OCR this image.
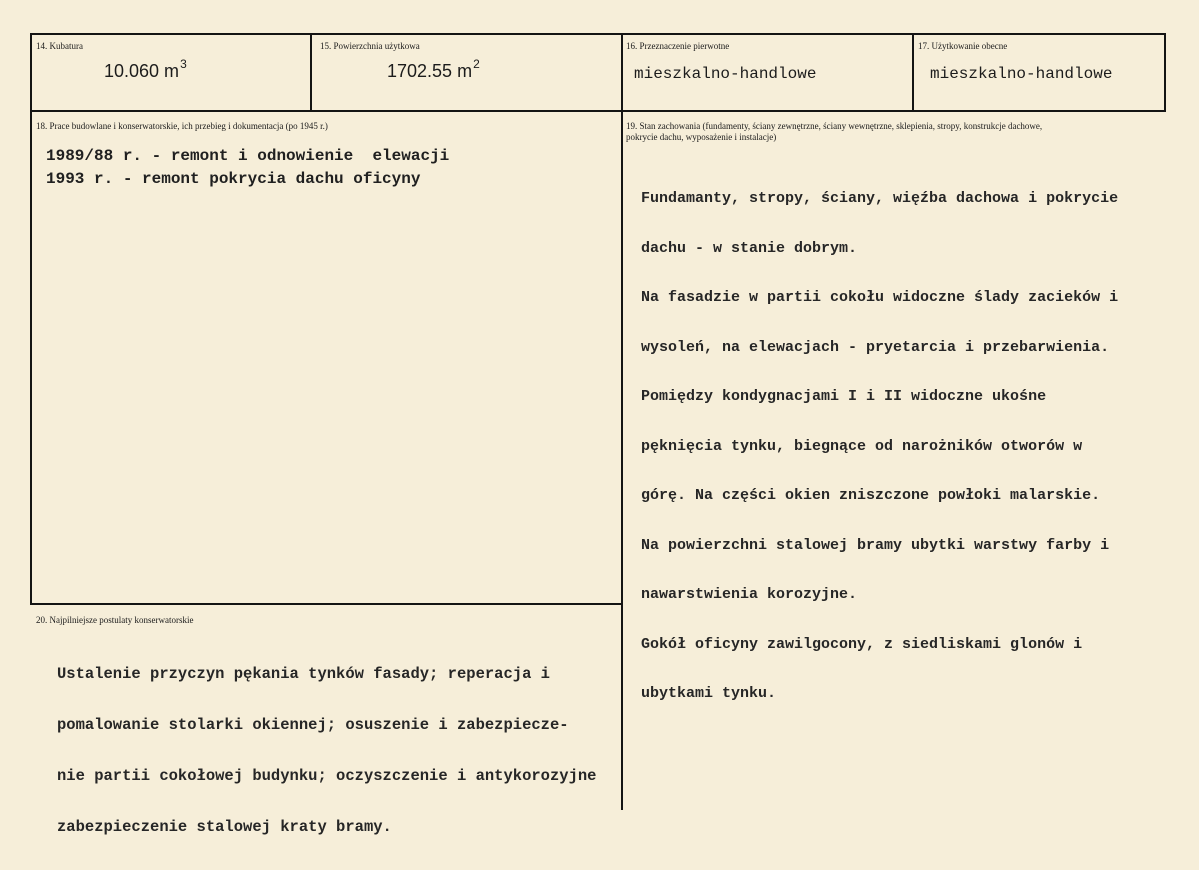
14. Kubatura
10.060 $m^3$
15. Powierzchnia użytkowa
1702.55 $m^2$
16. Przeznaczenie pierwotne
mieszkalno-handlowe
17. Użytkowanie obecne
mieszkalno-handlowe
18. Prace budowlane i konserwatorskie, ich przebieg i dokumentacja (po 1945 r.)
1989/88 r. - remont i odnowienie  elewacji
1993 r. - remont pokrycia dachu oficyny
19. Stan zachowania (fundamenty, ściany zewnętrzne, ściany wewnętrzne, sklepienia, stropy, konstrukcje dachowe,
pokrycie dachu, wyposażenie i instalacje)

Fundamanty, stropy, ściany, więźba dachowa i pokrycie

dachu - w stanie dobrym.

Na fasadzie w partii cokołu widoczne ślady zacieków i

wysoleń, na elewacjach - pryetarcia i przebarwienia.

Pomiędzy kondygnacjami I i II widoczne ukośne

pęknięcia tynku, biegnące od narożników otworów w

górę. Na części okien zniszczone powłoki malarskie.

Na powierzchni stalowej bramy ubytki warstwy farby i

nawarstwienia korozyjne.

Gokół oficyny zawilgocony, z siedliskami glonów i

ubytkami tynku.

20. Najpilniejsze postulaty konserwatorskie

Ustalenie przyczyn pękania tynków fasady; reperacja i

pomalowanie stolarki okiennej; osuszenie i zabezpiecze-

nie partii cokołowej budynku; oczyszczenie i antykorozyjne

zabezpieczenie stalowej kraty bramy.
